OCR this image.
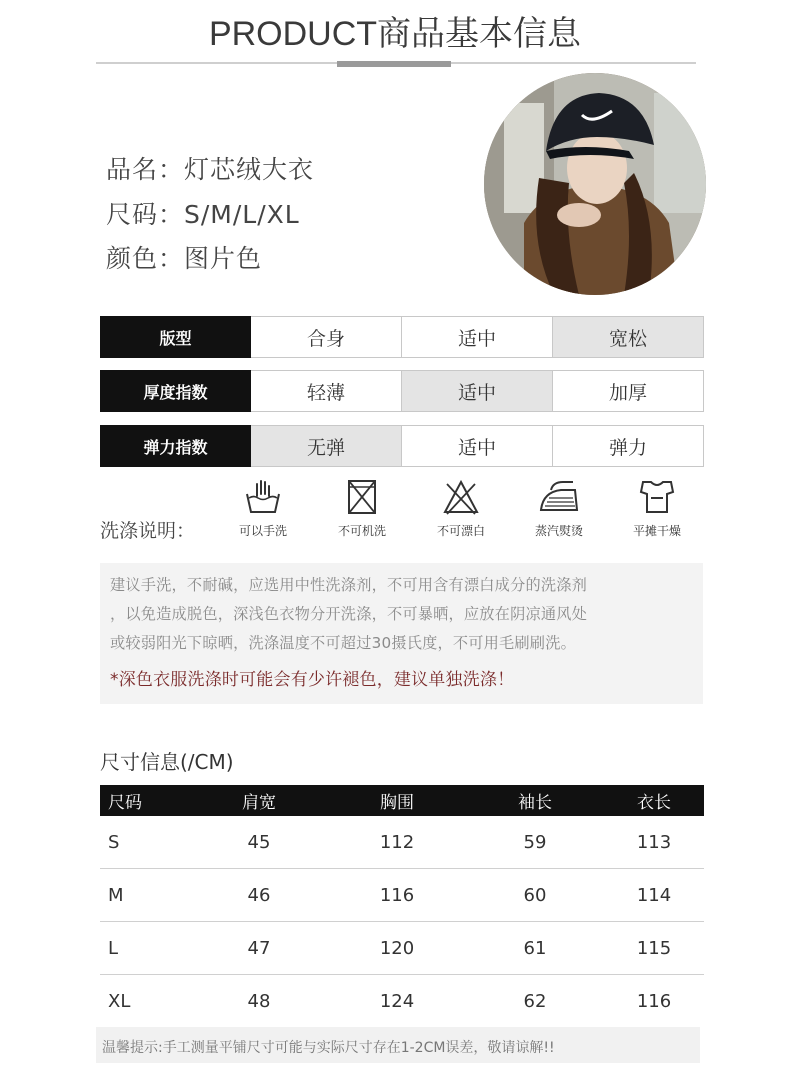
PRODUCT商品基本信息
品名：灯芯绒大衣
尺码：S/M/L/XL
颜色：图片色
版型	合身	适中	宽松
厚度指数	轻薄	适中	加厚
弹力指数	无弹	适中	弹力
洗涤说明：	可以手洗	不可机洗	不可漂白	蒸汽熨烫	平摊干燥

建议手洗，不耐碱，应选用中性洗涤剂，不可用含有漂白成分的洗涤剂

，以免造成脱色，深浅色衣物分开洗涤，不可暴晒，应放在阴凉通风处

或较弱阳光下晾晒，洗涤温度不可超过30摄氏度，不可用毛刷刷洗。

*深色衣服洗涤时可能会有少许褪色，建议单独洗涤！

尺寸信息(/CM)
尺码	肩宽	胸围	袖长	衣长
S	45	112	59	113
M	46	116	60	114
L	47	120	61	115
XL	48	124	62	116
温馨提示:手工测量平铺尺寸可能与实际尺寸存在1-2CM误差，敬请谅解!!
